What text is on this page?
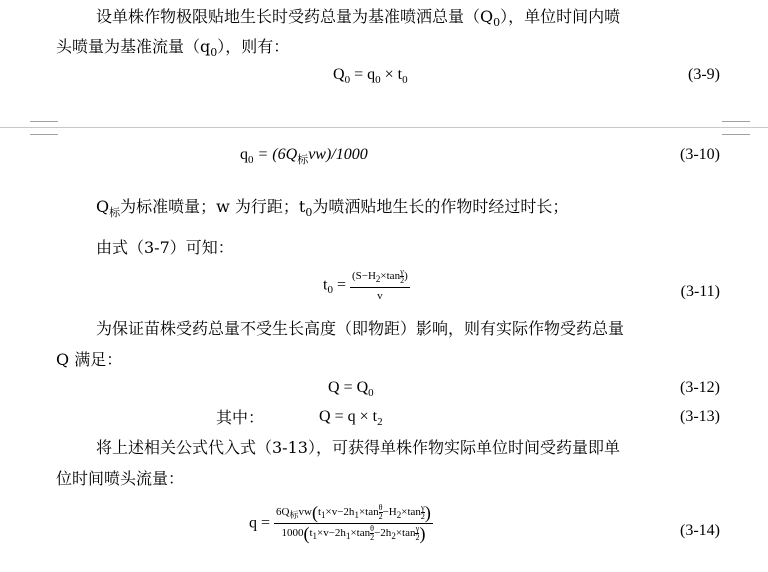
设单株作物极限贴地生长时受药总量为基准喷洒总量$(Q_0)$，单位时间内喷
头喷量为基准流量$(q_0)$，则有：
$Q_0 = q_0 \times t_0$	(3-9)
$q_0 = (6Q_标vw)/1000$	(3-10)
$Q_标$为标准喷量；w 为行距；$t_0$为喷洒贴地生长的作物时经过时长；
由式（3-7）可知：
$t_0 = \frac{(S-H_2\times\tan \frac{\gamma}{2} )}{v}$	(3-11)
为保证苗株受药总量不受生长高度（即物距）影响，则有实际作物受药总量
Q 满足：
$Q = Q_0$	(3-12)
其中：	$Q = q \times t_2$	(3-13)
将上述相关公式代入式（3-13），可获得单株作物实际单位时间受药量即单
位时间喷头流量：
$q = \frac{6Q_标vw(t_1\times v-2h_1\times\tan \frac{\theta}{2} -H_2\times\tan \frac{\gamma}{2} )}{1000(t_1\times v-2h_1\times\tan \frac{\theta}{2} -2h_2\times\tan \frac{\gamma}{2} )}$	(3-14)
